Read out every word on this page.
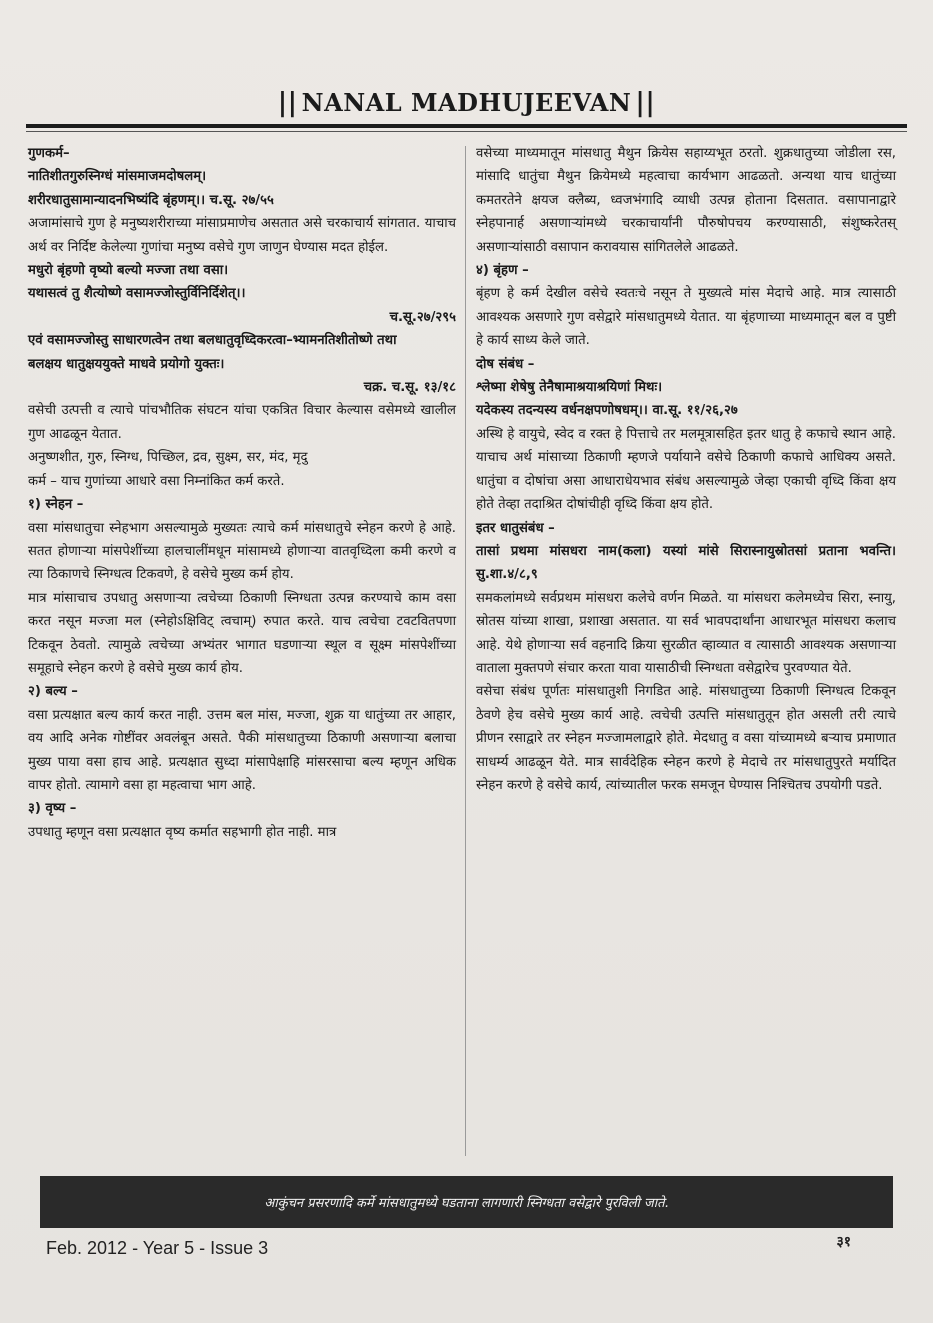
|| NANAL MADHUJEEVAN ||

गुणकर्म–

नातिशीतगुरुस्निग्धं मांसमाजमदोषलम्।

शरीरधातुसामान्यादनभिष्यंदि बृंहणम्।। च.सू. २७/५५

अजामांसाचे गुण हे मनुष्यशरीराच्या मांसाप्रमाणेच असतात असे चरकाचार्य सांगतात. याचाच अर्थ वर निर्दिष्ट केलेल्या गुणांचा मनुष्य वसेचे गुण जाणुन घेण्यास मदत होईल.

मधुरो बृंहणो वृष्यो बल्यो मज्जा तथा वसा।

यथासत्वं तु शैत्योष्णे वसामज्जोस्तुर्विनिर्दिशेत्।।

च.सू.२७/२९५

एवं वसामज्जोस्तु साधारणत्वेन तथा बलधातुवृध्दिकरत्वा–भ्यामनतिशीतोष्णे तथा

बलक्षय धातुक्षययुक्ते माधवे प्रयोगो युक्तः।

चक्र. च.सू. १३/१८

वसेची उत्पत्ती व त्याचे पांचभौतिक संघटन यांचा एकत्रित विचार केल्यास वसेमध्ये खालील गुण आढळून येतात.

अनुष्णशीत, गुरु, स्निग्ध, पिच्छिल, द्रव, सुक्ष्म, सर, मंद, मृदु

कर्म – याच गुणांच्या आधारे वसा निम्नांकित कर्म करते.

१) स्नेहन –

वसा मांसधातुचा स्नेहभाग असल्यामुळे मुख्यतः त्याचे कर्म मांसधातुचे स्नेहन करणे हे आहे. सतत होणाऱ्या मांसपेशींच्या हालचालींमधून मांसामध्ये होणाऱ्या वातवृध्दिला कमी करणे व त्या ठिकाणचे स्निग्धत्व टिकवणे, हे वसेचे मुख्य कर्म होय.

मात्र मांसाचाच उपधातु असणाऱ्या त्वचेच्या ठिकाणी स्निग्धता उत्पन्न करण्याचे काम वसा करत नसून मज्जा मल (स्नेहोऽक्षिविट् त्वचाम्) रुपात करते. याच त्वचेचा टवटवितपणा टिकवून ठेवतो. त्यामुळे त्वचेच्या अभ्यंतर भागात घडणाऱ्या स्थूल व सूक्ष्म मांसपेशींच्या समूहाचे स्नेहन करणे हे वसेचे मुख्य कार्य होय.

२) बल्य –

वसा प्रत्यक्षात बल्य कार्य करत नाही. उत्तम बल मांस, मज्जा, शुक्र या धातुंच्या तर आहार, वय आदि अनेक गोष्टींवर अवलंबून असते. पैकी मांसधातुच्या ठिकाणी असणाऱ्या बलाचा मुख्य पाया वसा हाच आहे. प्रत्यक्षात सुध्दा मांसापेक्षाहि मांसरसाचा बल्य म्हणून अधिक वापर होतो. त्यामागे वसा हा महत्वाचा भाग आहे.

३) वृष्य –

उपधातु म्हणून वसा प्रत्यक्षात वृष्य कर्मात सहभागी होत नाही. मात्र

वसेच्या माध्यमातून मांसधातु मैथुन क्रियेस सहाय्यभूत ठरतो. शुक्रधातुच्या जोडीला रस, मांसादि धातुंचा मैथुन क्रियेमध्ये महत्वाचा कार्यभाग आढळतो. अन्यथा याच धातुंच्या कमतरतेने क्षयज क्लैब्य, ध्वजभंगादि व्याधी उत्पन्न होताना दिसतात. वसापानाद्वारे स्नेहपानार्ह असणाऱ्यांमध्ये चरकाचार्यांनी पौरुषोपचय करण्यासाठी, संशुष्करेतस् असणाऱ्यांसाठी वसापान करावयास सांगितलेले आढळते.

४) बृंहण –

बृंहण हे कर्म देखील वसेचे स्वतःचे नसून ते मुख्यत्वे मांस मेदाचे आहे. मात्र त्यासाठी आवश्यक असणारे गुण वसेद्वारे मांसधातुमध्ये येतात. या बृंहणाच्या माध्यमातून बल व पुष्टी हे कार्य साध्य केले जाते.

दोष संबंध –

श्लेष्मा शेषेषु तेनैषामाश्रयाश्रयिणां मिथः।

यदेकस्य तदन्यस्य वर्धनक्षपणोषधम्।। वा.सू. ११/२६,२७

अस्थि हे वायुचे, स्वेद व रक्त हे पित्ताचे तर मलमूत्रासहित इतर धातु हे कफाचे स्थान आहे. याचाच अर्थ मांसाच्या ठिकाणी म्हणजे पर्यायाने वसेचे ठिकाणी कफाचे आधिक्य असते. धातुंचा व दोषांचा असा आधाराधेयभाव संबंध असल्यामुळे जेव्हा एकाची वृध्दि किंवा क्षय होते तेव्हा तदाश्रित दोषांचीही वृध्दि किंवा क्षय होते.

इतर धातुसंबंध –

तासां प्रथमा मांसधरा नाम(कला) यस्यां मांसे सिरास्नायुस्रोतसां प्रताना भवन्ति। सु.शा.४/८,९

समकलांमध्ये सर्वप्रथम मांसधरा कलेचे वर्णन मिळते. या मांसधरा कलेमध्येच सिरा, स्नायु, स्रोतस यांच्या शाखा, प्रशाखा असतात. या सर्व भावपदार्थांना आधारभूत मांसधरा कलाच आहे. येथे होणाऱ्या सर्व वहनादि क्रिया सुरळीत व्हाव्यात व त्यासाठी आवश्यक असणाऱ्या वाताला मुक्तपणे संचार करता यावा यासाठीची स्निग्धता वसेद्वारेच पुरवण्यात येते.

वसेचा संबंध पूर्णतः मांसधातुशी निगडित आहे. मांसधातुच्या ठिकाणी स्निग्धत्व टिकवून ठेवणे हेच वसेचे मुख्य कार्य आहे. त्वचेची उत्पत्ति मांसधातुतून होत असली तरी त्याचे प्रीणन रसाद्वारे तर स्नेहन मज्जामलाद्वारे होते. मेदधातु व वसा यांच्यामध्ये बऱ्याच प्रमाणात साधर्म्य आढळून येते. मात्र सार्वदेहिक स्नेहन करणे हे मेदाचे तर मांसधातुपुरते मर्यादित स्नेहन करणे हे वसेचे कार्य, त्यांच्यातील फरक समजून घेण्यास निश्चितच उपयोगी पडते.

आकुंचन प्रसरणादि कर्मे मांसधातुमध्ये घडताना लागणारी स्निग्धता वसेद्वारे पुरविली जाते.
Feb. 2012 - Year 5 - Issue 3	३१
